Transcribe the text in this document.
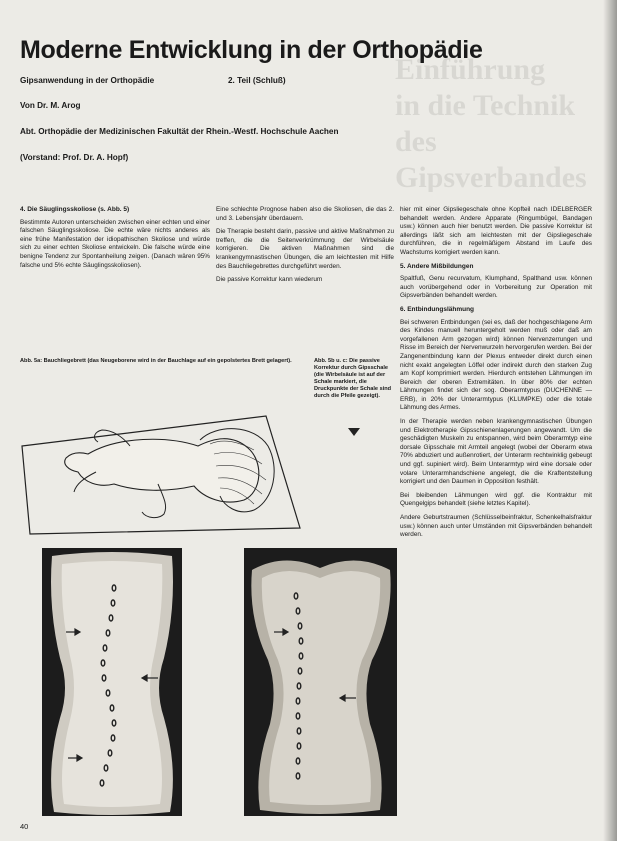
Einführung
in die Technik
des Gipsverbandes
Moderne Entwicklung in der Orthopädie
Gipsanwendung in der Orthopädie	2. Teil (Schluß)
Von Dr. M. Arog
Abt. Orthopädie der Medizinischen Fakultät der Rhein.-Westf. Hochschule Aachen
(Vorstand: Prof. Dr. A. Hopf)
4. Die Säuglingsskoliose (s. Abb. 5)

Bestimmte Autoren unterscheiden zwischen einer echten und einer falschen Säuglingsskoliose. Die echte wäre nichts anderes als eine frühe Manifestation der idiopathischen Skoliose und würde sich zu einer echten Skoliose entwickeln. Die falsche würde eine benigne Tendenz zur Spontanheilung zeigen. (Danach wären 95% falsche und 5% echte Säuglingsskoliosen).

Eine schlechte Prognose haben also die Skoliosen, die das 2. und 3. Lebensjahr überdauern.

Die Therapie besteht darin, passive und aktive Maßnahmen zu treffen, die die Seitenverkrümmung der Wirbelsäule korrigieren. Die aktiven Maßnahmen sind die krankengymnastischen Übungen, die am leichtesten mit Hilfe des Bauchliegebrettes durchgeführt werden.

Die passive Korrektur kann wiederum

hier mit einer Gipsliegeschale ohne Kopfteil nach IDELBERGER behandelt werden. Andere Apparate (Ringumbügel, Bandagen usw.) können auch hier benutzt werden. Die passive Korrektur ist allerdings läßt sich am leichtesten mit der Gipsliegeschale durchführen, die in regelmäßigem Abstand im Laufe des Wachstums korrigiert werden kann.

5. Andere Mißbildungen

Spaltfuß, Genu recurvatum, Klumphand, Spalthand usw. können auch vorübergehend oder in Vorbereitung zur Operation mit Gipsverbänden behandelt werden.

6. Entbindungslähmung

Bei schweren Entbindungen (sei es, daß der hochgeschlagene Arm des Kindes manuell heruntergeholt werden muß oder daß am vorgefallenen Arm gezogen wird) können Nervenzerrungen und Risse im Bereich der Nervenwurzeln hervorgerufen werden. Bei der Zangenentbindung kann der Plexus entweder direkt durch einen nicht exakt angelegten Löffel oder indirekt durch den starken Zug am Kopf komprimiert werden. Hierdurch entstehen Lähmungen im Bereich der oberen Extremitäten. In über 80% der echten Lähmungen findet sich der sog. Oberarmtypus (DUCHENNE — ERB), in 20% der Unterarmtypus (KLUMPKE) oder die totale Lähmung des Armes.

In der Therapie werden neben krankengymnastischen Übungen und Elektrotherapie Gipsschienenlagerungen angewandt. Um die geschädigten Muskeln zu entspannen, wird beim Oberarmtyp eine dorsale Gipsschale mit Armteil angelegt (wobei der Oberarm etwa 70% abduziert und außenrotiert, der Unterarm rechtwinklig gebeugt und ggf. supiniert wird). Beim Unterarmtyp wird eine dorsale oder volare Unterarmhandschiene angelegt, die die Kraftentstellung korrigiert und den Daumen in Opposition festhält.

Bei bleibenden Lähmungen wird ggf. die Kontraktur mit Quengelgips behandelt (siehe letztes Kapitel).

Andere Geburtstraumen (Schlüsselbeinfraktur, Schenkelhalsfraktur usw.) können auch unter Umständen mit Gipsverbänden behandelt werden.

Abb. 5a: Bauchliegebrett (das Neugeborene wird in der Bauchlage auf ein gepolstertes Brett gelagert).	Abb. 5b u. c: Die passive Korrektur durch Gipsschale (die Wirbelsäule ist auf der Schale markiert, die Druckpunkte der Schale sind durch die Pfeile gezeigt).
40
